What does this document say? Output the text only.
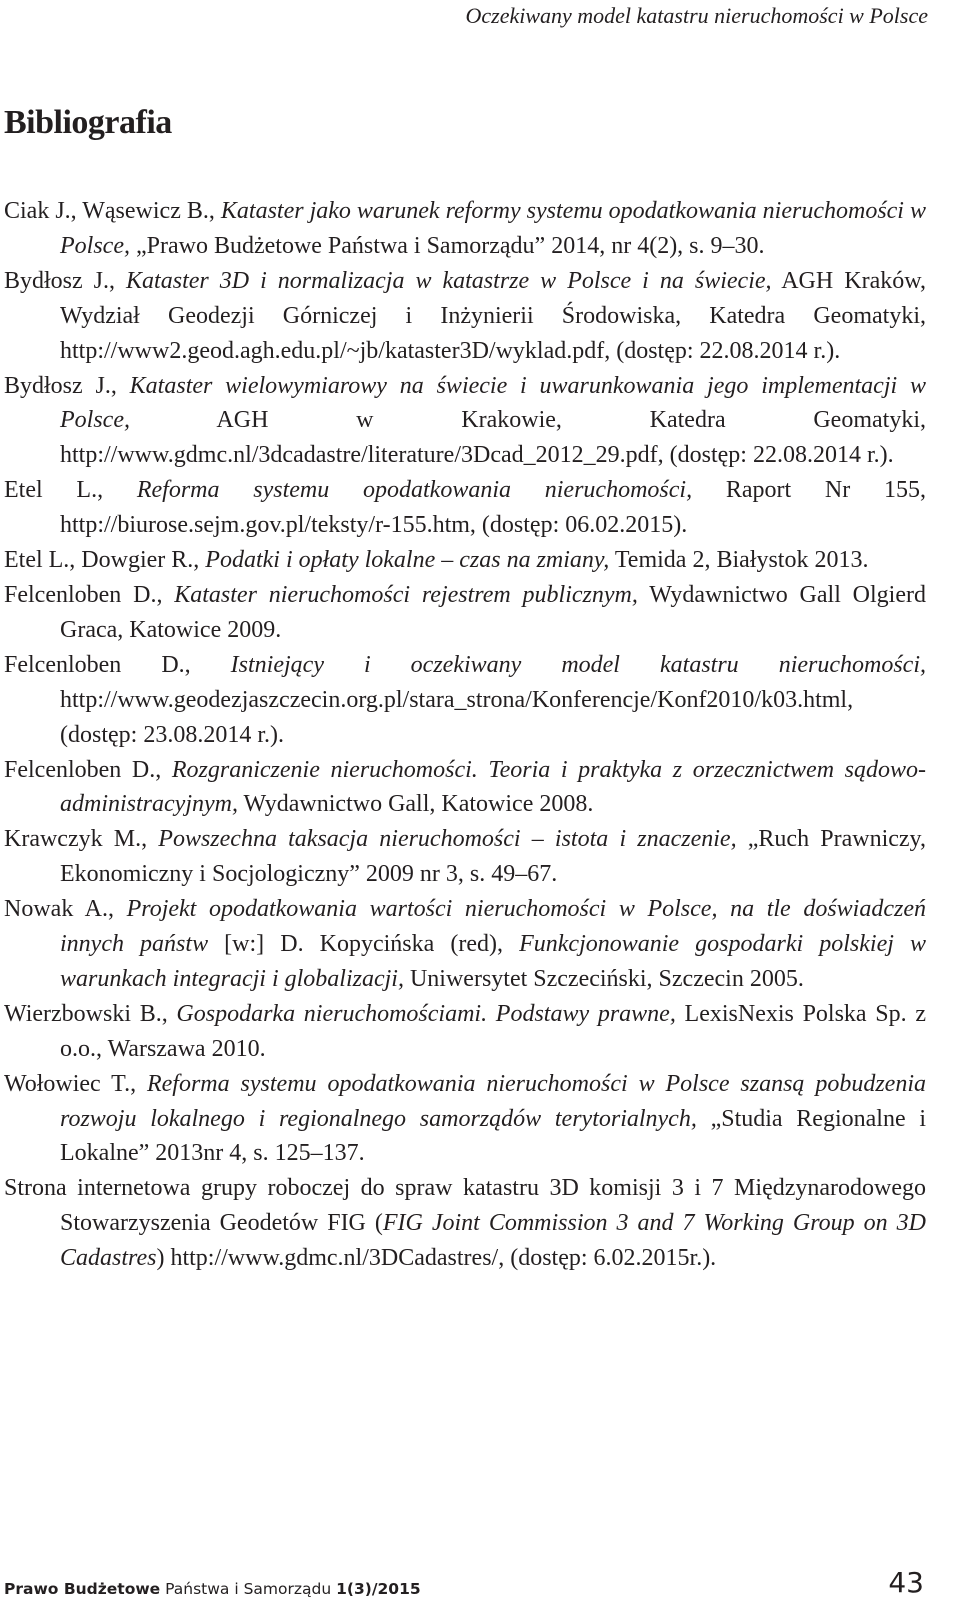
Oczekiwany model katastru nieruchomości w Polsce
Bibliografia

Ciak J., Wąsewicz B., Kataster jako warunek reformy systemu opodatkowania nieruchomości w Polsce, „Prawo Budżetowe Państwa i Samorządu” 2014, nr 4(2), s. 9–30.

Bydłosz J., Kataster 3D i normalizacja w katastrze w Polsce i na świecie, AGH Kraków, Wydział Geodezji Górniczej i Inżynierii Środowiska, Katedra Geomatyki, http://www2.geod.agh.edu.pl/~jb/kataster3D/wyklad.pdf, (dostęp: 22.08.2014 r.).

Bydłosz J., Kataster wielowymiarowy na świecie i uwarunkowania jego implementacji w Polsce, AGH w Krakowie, Katedra Geomatyki, http://www.gdmc.nl/3dcadastre/literature/3Dcad_2012_29.pdf, (dostęp: 22.08.2014 r.).

Etel L., Reforma systemu opodatkowania nieruchomości, Raport Nr 155, http://biurose.sejm.gov.pl/teksty/r-155.htm, (dostęp: 06.02.2015).

Etel L., Dowgier R., Podatki i opłaty lokalne – czas na zmiany, Temida 2, Białystok 2013.

Felcenloben D., Kataster nieruchomości rejestrem publicznym, Wydawnictwo Gall Olgierd Graca, Katowice 2009.

Felcenloben D., Istniejący i oczekiwany model katastru nieruchomości, http://www.geodezjaszczecin.org.pl/stara_strona/Konferencje/Konf2010/k03.html, (dostęp: 23.08.2014 r.).

Felcenloben D., Rozgraniczenie nieruchomości. Teoria i praktyka z orzecznictwem sądowo-administracyjnym, Wydawnictwo Gall, Katowice 2008.

Krawczyk M., Powszechna taksacja nieruchomości – istota i znaczenie, „Ruch Prawniczy, Ekonomiczny i Socjologiczny” 2009 nr 3, s. 49–67.

Nowak A., Projekt opodatkowania wartości nieruchomości w Polsce, na tle doświadczeń innych państw [w:] D. Kopycińska (red), Funkcjonowanie gospodarki polskiej w warunkach integracji i globalizacji, Uniwersytet Szczeciński, Szczecin 2005.

Wierzbowski B., Gospodarka nieruchomościami. Podstawy prawne, LexisNexis Polska Sp. z o.o., Warszawa 2010.

Wołowiec T., Reforma systemu opodatkowania nieruchomości w Polsce szansą pobudzenia rozwoju lokalnego i regionalnego samorządów terytorialnych, „Studia Regionalne i Lokalne” 2013nr 4, s. 125–137.

Strona internetowa grupy roboczej do spraw katastru 3D komisji 3 i 7 Międzynarodowego Stowarzyszenia Geodetów FIG (FIG Joint Commission 3 and 7 Working Group on 3D Cadastres) http://www.gdmc.nl/3DCadastres/, (dostęp: 6.02.2015r.).

Prawo Budżetowe Państwa i Samorządu 1(3)/2015	43
